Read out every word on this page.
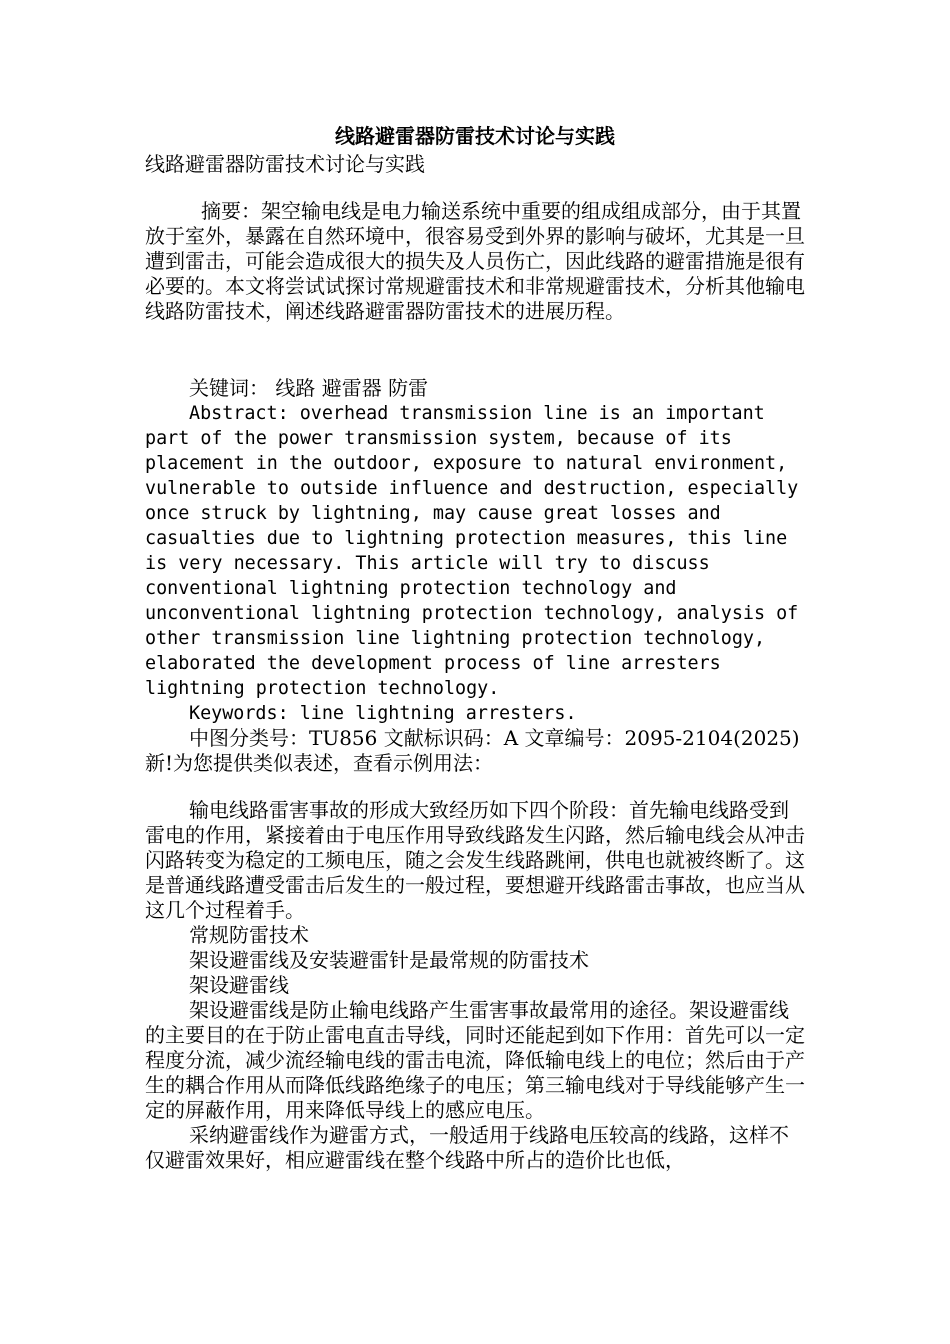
线路避雷器防雷技术讨论与实践

线路避雷器防雷技术讨论与实践

摘要：架空输电线是电力输送系统中重要的组成组成部分，由于其置放于室外，暴露在自然环境中，很容易受到外界的影响与破坏，尤其是一旦遭到雷击，可能会造成很大的损失及人员伤亡，因此线路的避雷措施是很有必要的。本文将尝试试探讨常规避雷技术和非常规避雷技术，分析其他输电线路防雷技术，阐述线路避雷器防雷技术的进展历程。

关键词： 线路 避雷器 防雷

Abstract: overhead transmission line is an important part of the power transmission system, because of its placement in the outdoor, exposure to natural environment, vulnerable to outside influence and destruction, especially once struck by lightning, may cause great losses and casualties due to lightning protection measures, this line is very necessary. This article will try to discuss conventional lightning protection technology and unconventional lightning protection technology, analysis of other transmission line lightning protection technology, elaborated the development process of line arresters lightning protection technology.

Keywords: line lightning arresters.

中图分类号：TU856 文献标识码：A 文章编号：2095-2104(2025)新!为您提供类似表述，查看示例用法：

输电线路雷害事故的形成大致经历如下四个阶段：首先输电线路受到雷电的作用，紧接着由于电压作用导致线路发生闪路，然后输电线会从冲击闪路转变为稳定的工频电压，随之会发生线路跳闸，供电也就被终断了。这是普通线路遭受雷击后发生的一般过程，要想避开线路雷击事故，也应当从这几个过程着手。

常规防雷技术

架设避雷线及安装避雷针是最常规的防雷技术

架设避雷线

架设避雷线是防止输电线路产生雷害事故最常用的途径。架设避雷线的主要目的在于防止雷电直击导线，同时还能起到如下作用：首先可以一定程度分流，减少流经输电线的雷击电流，降低输电线上的电位；然后由于产生的耦合作用从而降低线路绝缘子的电压；第三输电线对于导线能够产生一定的屏蔽作用，用来降低导线上的感应电压。

采纳避雷线作为避雷方式，一般适用于线路电压较高的线路，这样不仅避雷效果好，相应避雷线在整个线路中所占的造价比也低，
